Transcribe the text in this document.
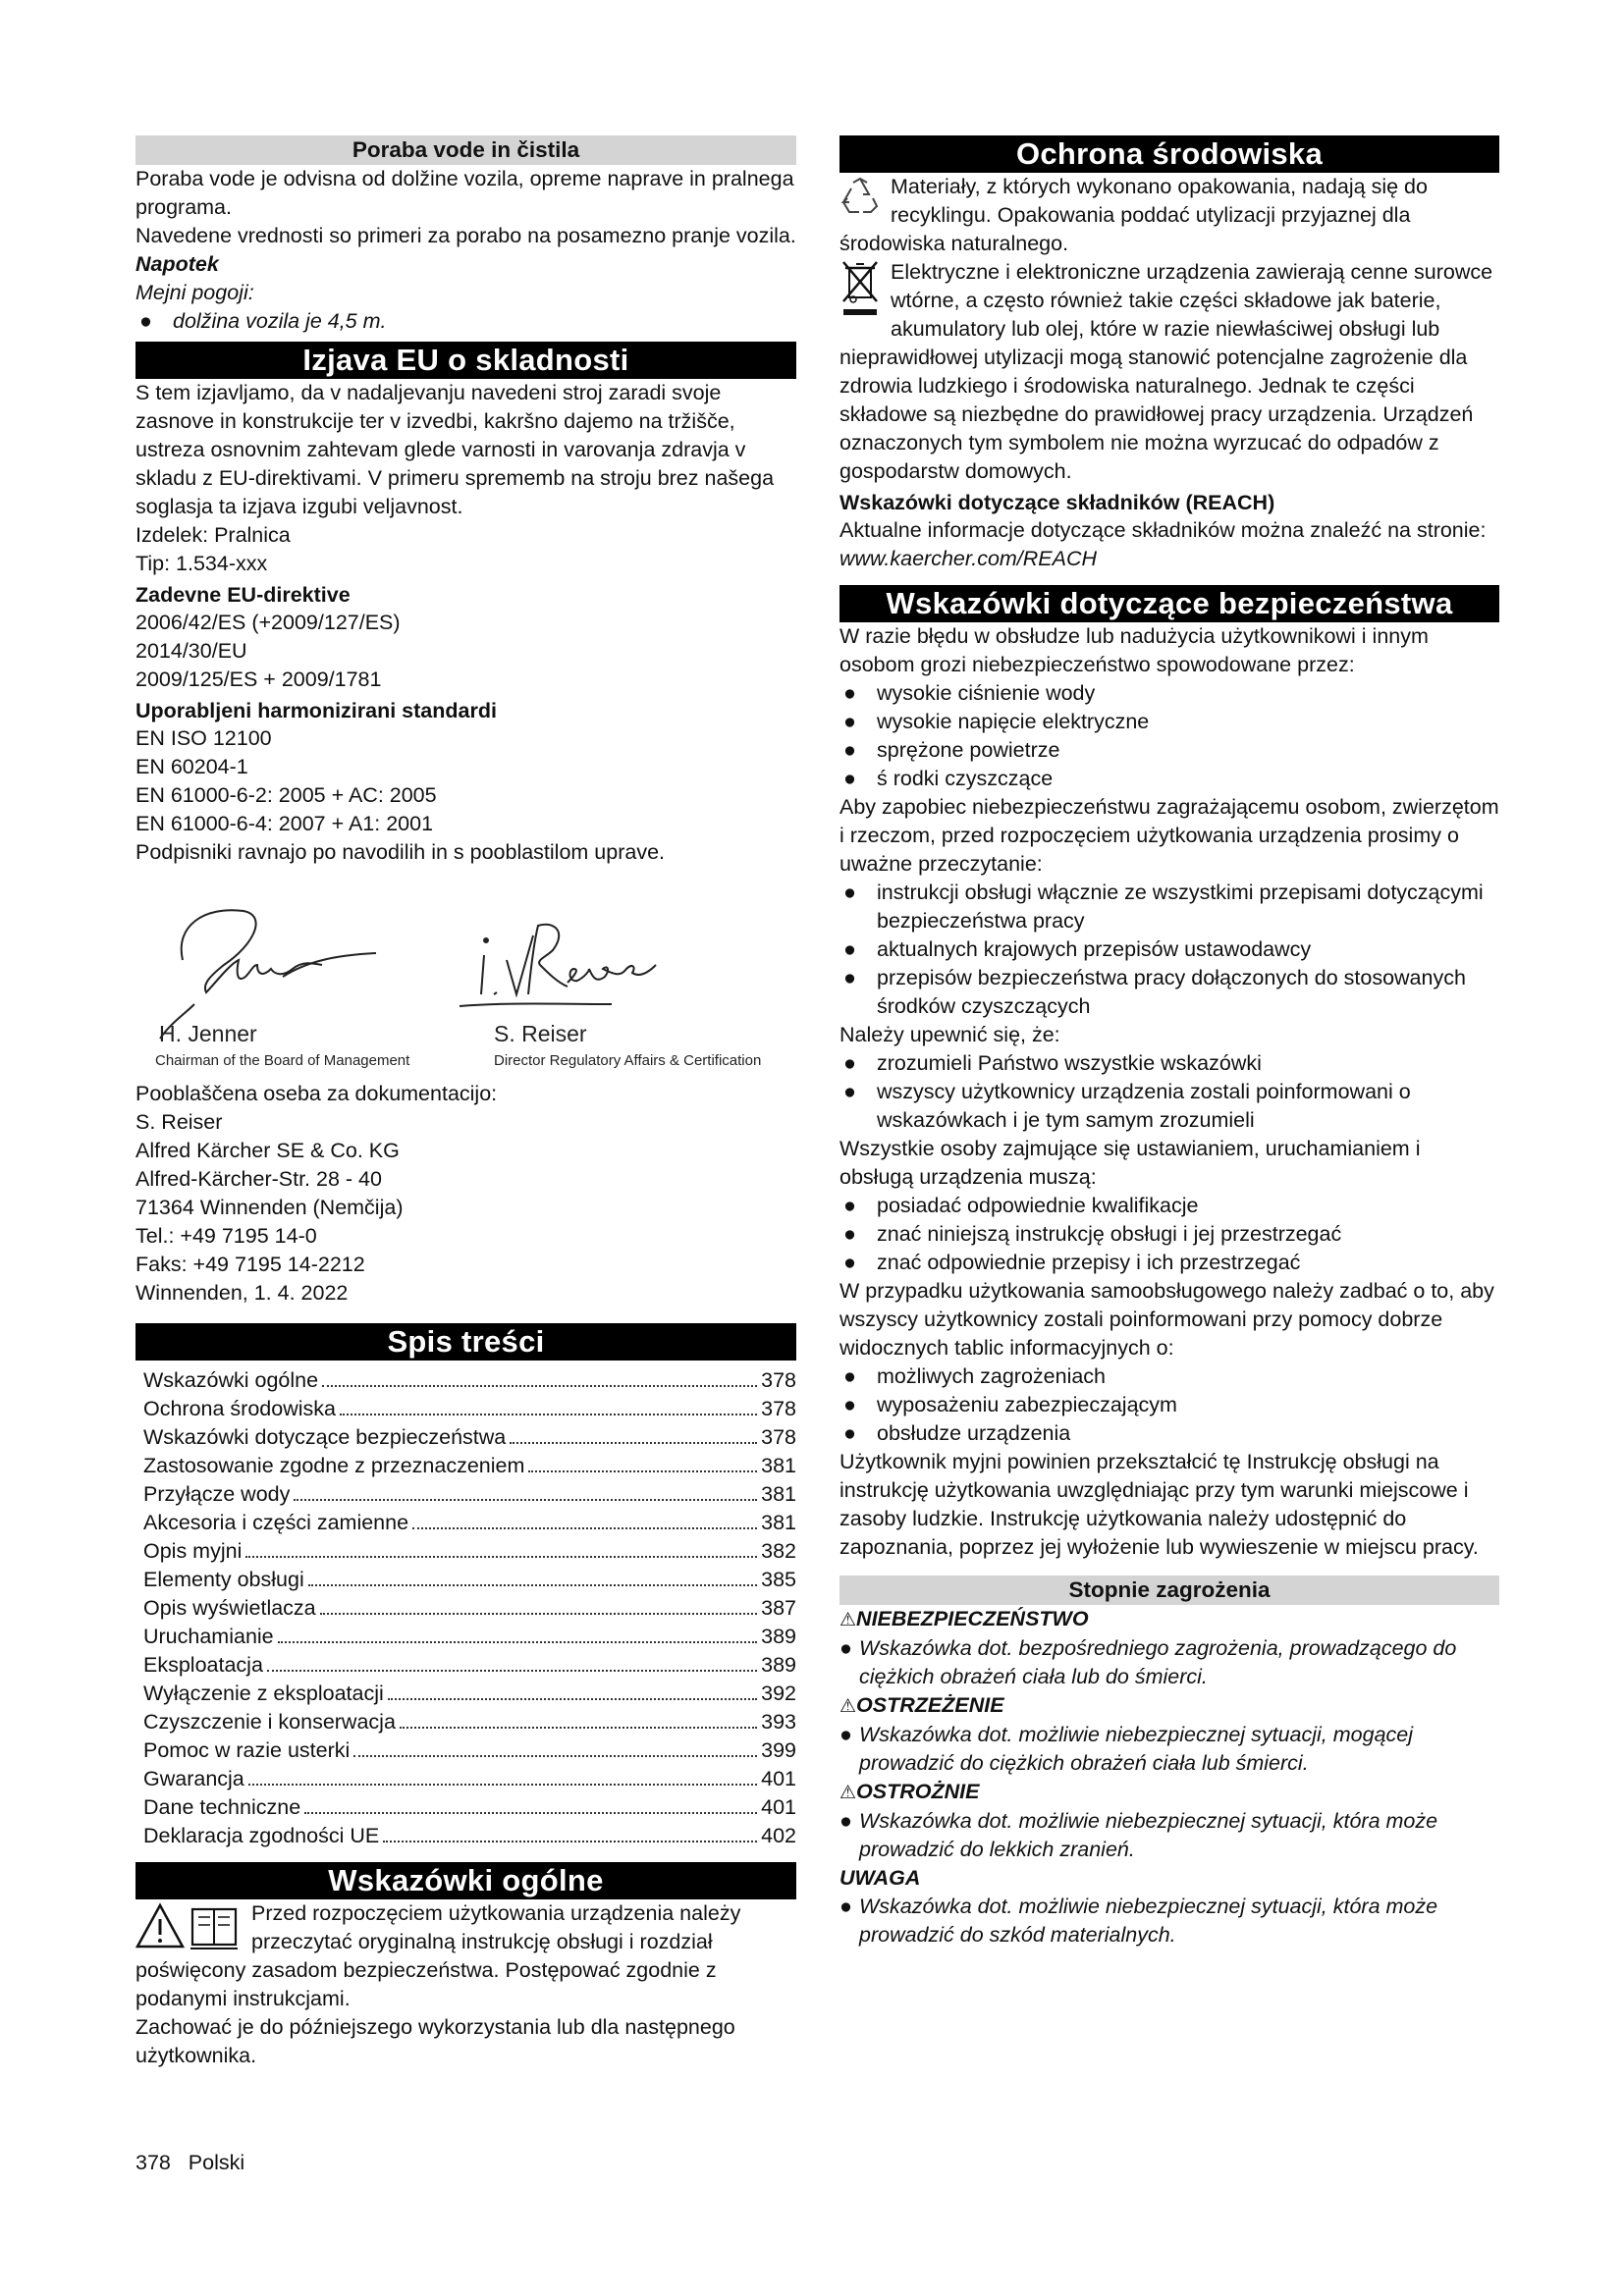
Poraba vode in čistila

Poraba vode je odvisna od dolžine vozila, opreme naprave in pralnega programa.

Navedene vrednosti so primeri za porabo na posamezno pranje vozila.

Napotek

Mejni pogoji:

● dolžina vozila je 4,5 m.

Izjava EU o skladnosti

S tem izjavljamo, da v nadaljevanju navedeni stroj zaradi svoje zasnove in konstrukcije ter v izvedbi, kakršno dajemo na tržišče, ustreza osnovnim zahtevam glede varnosti in varovanja zdravja v skladu z EU-direktivami. V primeru sprememb na stroju brez našega soglasja ta izjava izgubi veljavnost.

Izdelek: Pralnica

Tip: 1.534-xxx

Zadevne EU-direktive

2006/42/ES (+2009/127/ES)

2014/30/EU

2009/125/ES + 2009/1781

Uporabljeni harmonizirani standardi

EN ISO 12100

EN 60204-1

EN 61000-6-2: 2005 + AC: 2005

EN 61000-6-4: 2007 + A1: 2001

Podpisniki ravnajo po navodilih in s pooblastilom uprave.

H. Jenner
Chairman of the Board of Management
S. Reiser
Director Regulatory Affairs & Certification

Pooblaščena oseba za dokumentacijo:

S. Reiser

Alfred Kärcher SE & Co. KG

Alfred-Kärcher-Str. 28 - 40

71364 Winnenden (Nemčija)

Tel.: +49 7195 14-0

Faks: +49 7195 14-2212

Winnenden, 1. 4. 2022

Spis treści
Wskazówki ogólne	378
Ochrona środowiska	378
Wskazówki dotyczące bezpieczeństwa	378
Zastosowanie zgodne z przeznaczeniem	381
Przyłącze wody	381
Akcesoria i części zamienne	381
Opis myjni	382
Elementy obsługi	385
Opis wyświetlacza	387
Uruchamianie	389
Eksploatacja	389
Wyłączenie z eksploatacji	392
Czyszczenie i konserwacja	393
Pomoc w razie usterki	399
Gwarancja	401
Dane techniczne	401
Deklaracja zgodności UE	402
Wskazówki ogólne

Przed rozpoczęciem użytkowania urządzenia należy przeczytać oryginalną instrukcję obsługi i rozdział poświęcony zasadom bezpieczeństwa. Postępować zgodnie z podanymi instrukcjami.

Zachować je do późniejszego wykorzystania lub dla następnego użytkownika.

Ochrona środowiska

Materiały, z których wykonano opakowania, nadają się do recyklingu. Opakowania poddać utylizacji przyjaznej dla środowiska naturalnego.

Elektryczne i elektroniczne urządzenia zawierają cenne surowce wtórne, a często również takie części składowe jak baterie, akumulatory lub olej, które w razie niewłaściwej obsługi lub nieprawidłowej utylizacji mogą stanowić potencjalne zagrożenie dla zdrowia ludzkiego i środowiska naturalnego. Jednak te części składowe są niezbędne do prawidłowej pracy urządzenia. Urządzeń oznaczonych tym symbolem nie można wyrzucać do odpadów z gospodarstw domowych.

Wskazówki dotyczące składników (REACH)

Aktualne informacje dotyczące składników można znaleźć na stronie: www.kaercher.com/REACH

Wskazówki dotyczące bezpieczeństwa

W razie błędu w obsłudze lub nadużycia użytkownikowi i innym osobom grozi niebezpieczeństwo spowodowane przez:

● wysokie ciśnienie wody

● wysokie napięcie elektryczne

● sprężone powietrze

● ś rodki czyszczące

Aby zapobiec niebezpieczeństwu zagrażającemu osobom, zwierzętom i rzeczom, przed rozpoczęciem użytkowania urządzenia prosimy o uważne przeczytanie:

● instrukcji obsługi włącznie ze wszystkimi przepisami dotyczącymi bezpieczeństwa pracy

● aktualnych krajowych przepisów ustawodawcy

● przepisów bezpieczeństwa pracy dołączonych do stosowanych środków czyszczących

Należy upewnić się, że:

● zrozumieli Państwo wszystkie wskazówki

● wszyscy użytkownicy urządzenia zostali poinformowani o wskazówkach i je tym samym zrozumieli

Wszystkie osoby zajmujące się ustawianiem, uruchamianiem i obsługą urządzenia muszą:

● posiadać odpowiednie kwalifikacje

● znać niniejszą instrukcję obsługi i jej przestrzegać

● znać odpowiednie przepisy i ich przestrzegać

W przypadku użytkowania samoobsługowego należy zadbać o to, aby wszyscy użytkownicy zostali poinformowani przy pomocy dobrze widocznych tablic informacyjnych o:

● możliwych zagrożeniach

● wyposażeniu zabezpieczającym

● obsłudze urządzenia

Użytkownik myjni powinien przekształcić tę Instrukcję obsługi na instrukcję użytkowania uwzględniając przy tym warunki miejscowe i zasoby ludzkie. Instrukcję użytkowania należy udostępnić do zapoznania, poprzez jej wyłożenie lub wywieszenie w miejscu pracy.

Stopnie zagrożenia

⚠NIEBEZPIECZEŃSTWO

● Wskazówka dot. bezpośredniego zagrożenia, prowadzącego do ciężkich obrażeń ciała lub do śmierci.

⚠OSTRZEŻENIE

● Wskazówka dot. możliwie niebezpiecznej sytuacji, mogącej prowadzić do ciężkich obrażeń ciała lub śmierci.

⚠OSTROŻNIE

● Wskazówka dot. możliwie niebezpiecznej sytuacji, która może prowadzić do lekkich zranień.

UWAGA

● Wskazówka dot. możliwie niebezpiecznej sytuacji, która może prowadzić do szkód materialnych.

378 Polski
